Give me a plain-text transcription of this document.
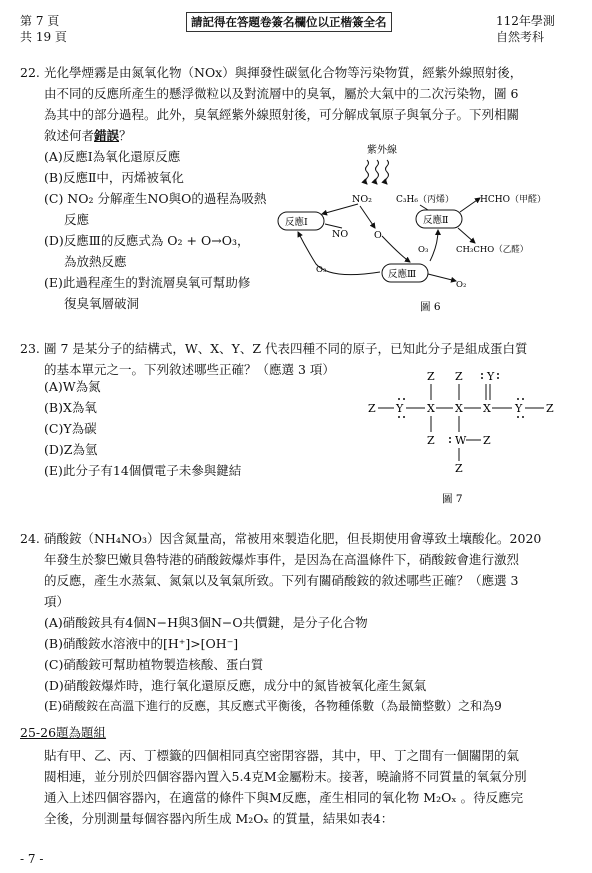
第 7 頁
共 19 頁
請記得在答題卷簽名欄位以正楷簽全名	112年學測
自然考科
22. 光化學煙霧是由氮氧化物（NOx）與揮發性碳氫化合物等污染物質，經紫外線照射後，
由不同的反應所產生的懸浮微粒以及對流層中的臭氧，屬於大氣中的二次污染物，圖 6
為其中的部分過程。此外，臭氧經紫外線照射後，可分解成氧原子與氧分子。下列相關
敘述何者錯誤？
(A)反應Ⅰ為氧化還原反應
(B)反應Ⅱ中，丙烯被氧化
(C) NO₂ 分解產生NO與O的過程為吸熱
反應
(D)反應Ⅲ的反應式為 O₂ + O→O₃，
為放熱反應
(E)此過程產生的對流層臭氧可幫助修
復臭氧層破洞
紫外線
NO₂	C₃H₆（丙烯）	HCHO（甲醛）
反應Ⅰ	反應Ⅱ
反應Ⅲ
NO	O
O₃	CH₃CHO（乙醛）
O₃
O₂
圖 6
23. 圖 7 是某分子的結構式，W、X、Y、Z 代表四種不同的原子，已知此分子是組成蛋白質
的基本單元之一。下列敘述哪些正確？（應選 3 項）
(A)W為氮
(B)X為氧
(C)Y為碳
(D)Z為氫
(E)此分子有14個價電子未參與鍵結
Z Z Y
Z Y X X X Y Z
Z W Z
Z
圖 7
24. 硝酸銨（NH₄NO₃）因含氮量高，常被用來製造化肥，但長期使用會導致土壤酸化。2020
年發生於黎巴嫩貝魯特港的硝酸銨爆炸事件，是因為在高溫條件下，硝酸銨會進行激烈
的反應，產生水蒸氣、氮氣以及氧氣所致。下列有關硝酸銨的敘述哪些正確？（應選 3
項）
(A)硝酸銨具有4個N−H與3個N−O共價鍵，是分子化合物
(B)硝酸銨水溶液中的[H⁺]>[OH⁻]
(C)硝酸銨可幫助植物製造核酸、蛋白質
(D)硝酸銨爆炸時，進行氧化還原反應，成分中的氮皆被氧化產生氮氣
(E)硝酸銨在高溫下進行的反應，其反應式平衡後，各物種係數（為最簡整數）之和為9
25-26題為題組
貼有甲、乙、丙、丁標籤的四個相同真空密閉容器，其中，甲、丁之間有一個關閉的氣
閥相連，並分別於四個容器內置入5.4克M金屬粉末。接著，曉諭將不同質量的氧氣分別
通入上述四個容器內，在適當的條件下與M反應，產生相同的氧化物 M₂Oₓ 。待反應完
全後，分別測量每個容器內所生成 M₂Oₓ 的質量，結果如表4：
- 7 -
